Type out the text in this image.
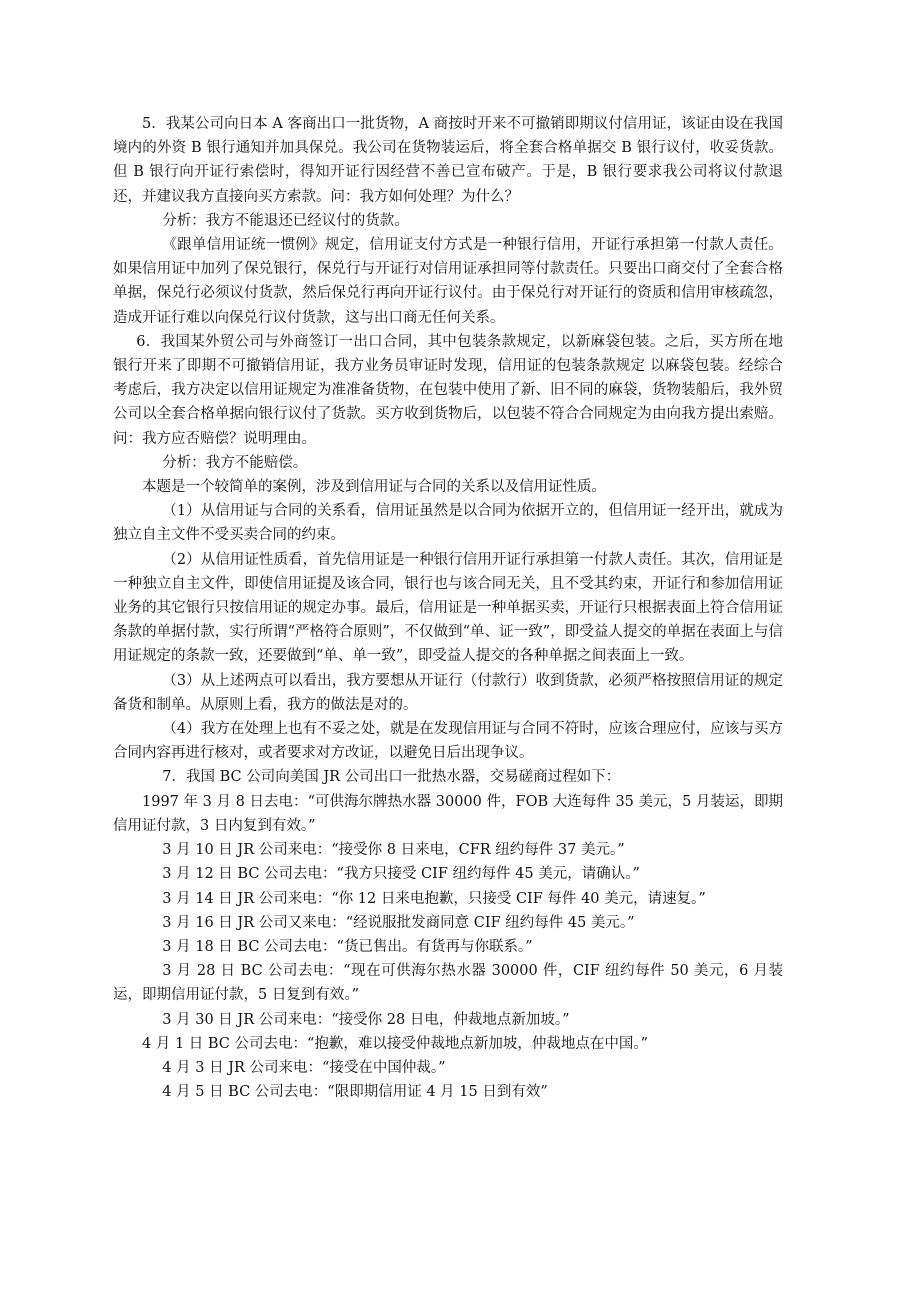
5．我某公司向日本 A 客商出口一批货物，A 商按时开来不可撤销即期议付信用证，该证由设在我国境内的外资 B 银行通知并加具保兑。我公司在货物装运后，将全套合格单据交 B 银行议付，收妥货款。但 B 银行向开证行索偿时，得知开证行因经营不善已宣布破产。于是，B 银行要求我公司将议付款退还，并建议我方直接向买方索款。问：我方如何处理？为什么？

分析：我方不能退还已经议付的货款。

《跟单信用证统一惯例》规定，信用证支付方式是一种银行信用，开证行承担第一付款人责任。如果信用证中加列了保兑银行，保兑行与开证行对信用证承担同等付款责任。只要出口商交付了全套合格单据，保兑行必须议付货款，然后保兑行再向开证行议付。由于保兑行对开证行的资质和信用审核疏忽，造成开证行难以向保兑行议付货款，这与出口商无任何关系。

6．我国某外贸公司与外商签订一出口合同，其中包装条款规定，以新麻袋包装。之后，买方所在地银行开来了即期不可撤销信用证，我方业务员审证时发现，信用证的包装条款规定 以麻袋包装。经综合考虑后，我方决定以信用证规定为准准备货物，在包装中使用了新、旧不同的麻袋，货物装船后，我外贸公司以全套合格单据向银行议付了货款。买方收到货物后，以包装不符合合同规定为由向我方提出索赔。问：我方应否赔偿？说明理由。

分析：我方不能赔偿。

本题是一个较简单的案例，涉及到信用证与合同的关系以及信用证性质。

（1）从信用证与合同的关系看，信用证虽然是以合同为依据开立的，但信用证一经开出，就成为独立自主文件不受买卖合同的约束。

（2）从信用证性质看，首先信用证是一种银行信用开证行承担第一付款人责任。其次，信用证是一种独立自主文件，即使信用证提及该合同，银行也与该合同无关，且不受其约束，开证行和参加信用证业务的其它银行只按信用证的规定办事。最后，信用证是一种单据买卖，开证行只根据表面上符合信用证条款的单据付款，实行所谓“严格符合原则”，不仅做到“单、证一致”，即受益人提交的单据在表面上与信用证规定的条款一致，还要做到“单、单一致”，即受益人提交的各种单据之间表面上一致。

（3）从上述两点可以看出，我方要想从开证行（付款行）收到货款，必须严格按照信用证的规定备货和制单。从原则上看，我方的做法是对的。

（4）我方在处理上也有不妥之处，就是在发现信用证与合同不符时，应该合理应付，应该与买方合同内容再进行核对，或者要求对方改证，以避免日后出现争议。

7．我国 BC 公司向美国 JR 公司出口一批热水器，交易磋商过程如下：

1997 年 3 月 8 日去电：“可供海尔牌热水器 30000 件，FOB 大连每件 35 美元，5 月装运，即期信用证付款，3 日内复到有效。”

3 月 10 日 JR 公司来电：“接受你 8 日来电，CFR 纽约每件 37 美元。”

3 月 12 日 BC 公司去电：“我方只接受 CIF 纽约每件 45 美元，请确认。”

3 月 14 日 JR 公司来电：“你 12 日来电抱歉，只接受 CIF 每件 40 美元，请速复。”

3 月 16 日 JR 公司又来电：“经说服批发商同意 CIF 纽约每件 45 美元。”

3 月 18 日 BC 公司去电：“货已售出。有货再与你联系。”

3 月 28 日 BC 公司去电：“现在可供海尔热水器 30000 件，CIF 纽约每件 50 美元，6 月装运，即期信用证付款，5 日复到有效。”

3 月 30 日 JR 公司来电：“接受你 28 日电，仲裁地点新加坡。”

4 月 1 日 BC 公司去电：“抱歉，难以接受仲裁地点新加坡，仲裁地点在中国。”

4 月 3 日 JR 公司来电：“接受在中国仲裁。”

4 月 5 日 BC 公司去电：“限即期信用证 4 月 15 日到有效”
